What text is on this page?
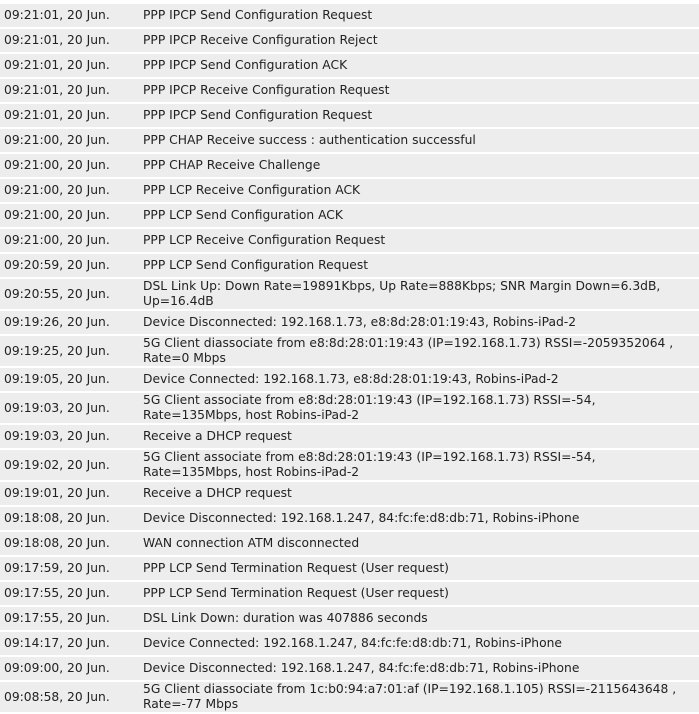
09:21:01, 20 Jun.	PPP IPCP Send Configuration Request
09:21:01, 20 Jun.	PPP IPCP Receive Configuration Reject
09:21:01, 20 Jun.	PPP IPCP Send Configuration ACK
09:21:01, 20 Jun.	PPP IPCP Receive Configuration Request
09:21:01, 20 Jun.	PPP IPCP Send Configuration Request
09:21:00, 20 Jun.	PPP CHAP Receive success : authentication successful
09:21:00, 20 Jun.	PPP CHAP Receive Challenge
09:21:00, 20 Jun.	PPP LCP Receive Configuration ACK
09:21:00, 20 Jun.	PPP LCP Send Configuration ACK
09:21:00, 20 Jun.	PPP LCP Receive Configuration Request
09:20:59, 20 Jun.	PPP LCP Send Configuration Request
09:20:55, 20 Jun.	DSL Link Up: Down Rate=19891Kbps, Up Rate=888Kbps; SNR Margin Down=6.3dB, Up=16.4dB
09:19:26, 20 Jun.	Device Disconnected: 192.168.1.73, e8:8d:28:01:19:43, Robins-iPad-2
09:19:25, 20 Jun.	5G Client diassociate from e8:8d:28:01:19:43 (IP=192.168.1.73) RSSI=-2059352064 , Rate=0 Mbps
09:19:05, 20 Jun.	Device Connected: 192.168.1.73, e8:8d:28:01:19:43, Robins-iPad-2
09:19:03, 20 Jun.	5G Client associate from e8:8d:28:01:19:43 (IP=192.168.1.73) RSSI=-54, Rate=135Mbps, host Robins-iPad-2
09:19:03, 20 Jun.	Receive a DHCP request
09:19:02, 20 Jun.	5G Client associate from e8:8d:28:01:19:43 (IP=192.168.1.73) RSSI=-54, Rate=135Mbps, host Robins-iPad-2
09:19:01, 20 Jun.	Receive a DHCP request
09:18:08, 20 Jun.	Device Disconnected: 192.168.1.247, 84:fc:fe:d8:db:71, Robins-iPhone
09:18:08, 20 Jun.	WAN connection ATM disconnected
09:17:59, 20 Jun.	PPP LCP Send Termination Request (User request)
09:17:55, 20 Jun.	PPP LCP Send Termination Request (User request)
09:17:55, 20 Jun.	DSL Link Down: duration was 407886 seconds
09:14:17, 20 Jun.	Device Connected: 192.168.1.247, 84:fc:fe:d8:db:71, Robins-iPhone
09:09:00, 20 Jun.	Device Disconnected: 192.168.1.247, 84:fc:fe:d8:db:71, Robins-iPhone
09:08:58, 20 Jun.	5G Client diassociate from 1c:b0:94:a7:01:af (IP=192.168.1.105) RSSI=-2115643648 , Rate=-77 Mbps
